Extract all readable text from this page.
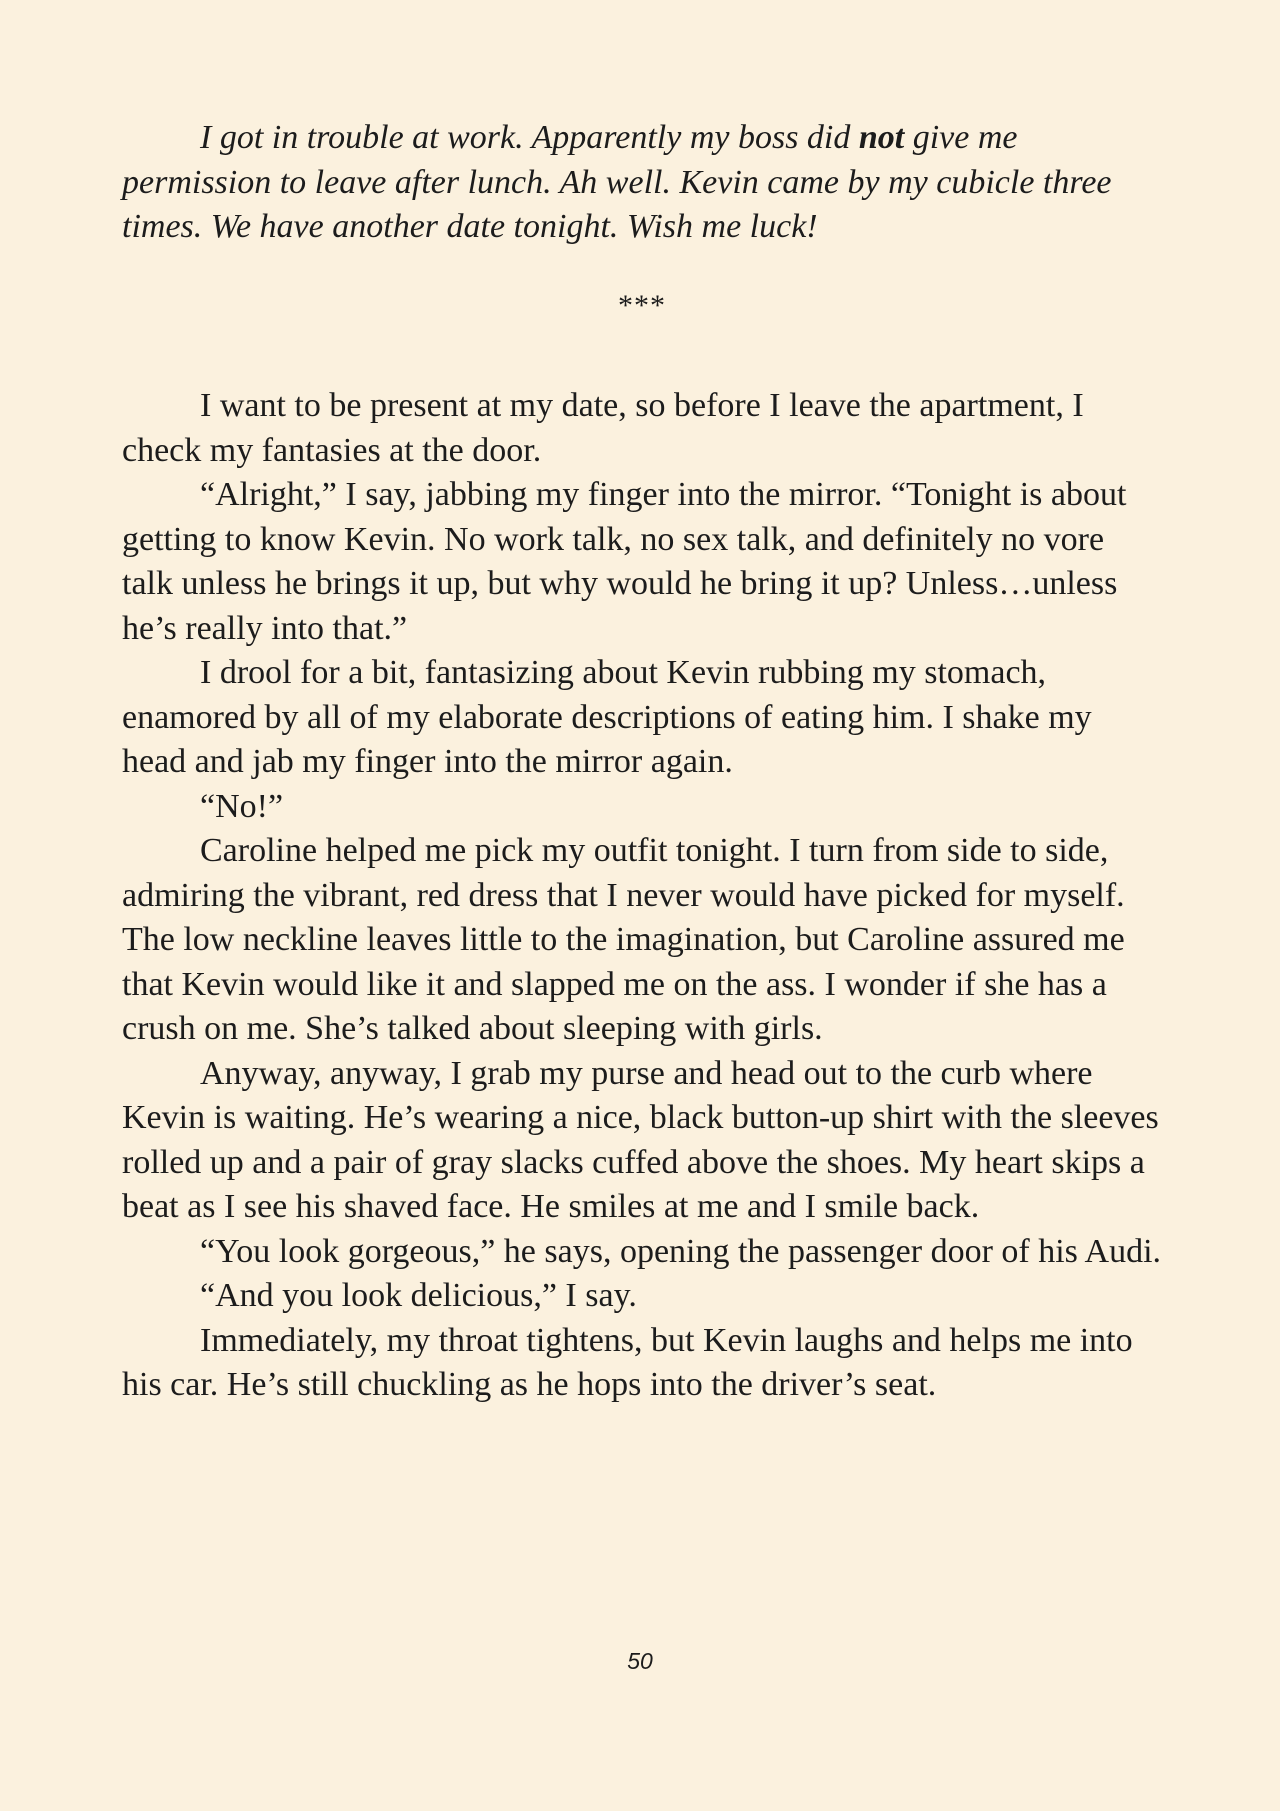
I got in trouble at work. Apparently my boss did not give me permission to leave after lunch. Ah well. Kevin came by my cubicle three times. We have another date tonight. Wish me luck!

***

I want to be present at my date, so before I leave the apartment, I check my fantasies at the door.

“Alright,” I say, jabbing my finger into the mirror. “Tonight is about getting to know Kevin. No work talk, no sex talk, and definitely no vore talk unless he brings it up, but why would he bring it up? Unless…unless he’s really into that.”

I drool for a bit, fantasizing about Kevin rubbing my stomach, enamored by all of my elaborate descriptions of eating him. I shake my head and jab my finger into the mirror again.

“No!”

Caroline helped me pick my outfit tonight. I turn from side to side, admiring the vibrant, red dress that I never would have picked for myself. The low neckline leaves little to the imagination, but Caroline assured me that Kevin would like it and slapped me on the ass. I wonder if she has a crush on me. She’s talked about sleeping with girls.

Anyway, anyway, I grab my purse and head out to the curb where Kevin is waiting. He’s wearing a nice, black button-up shirt with the sleeves rolled up and a pair of gray slacks cuffed above the shoes. My heart skips a beat as I see his shaved face. He smiles at me and I smile back.

“You look gorgeous,” he says, opening the passenger door of his Audi.

“And you look delicious,” I say.

Immediately, my throat tightens, but Kevin laughs and helps me into his car. He’s still chuckling as he hops into the driver’s seat.

50
